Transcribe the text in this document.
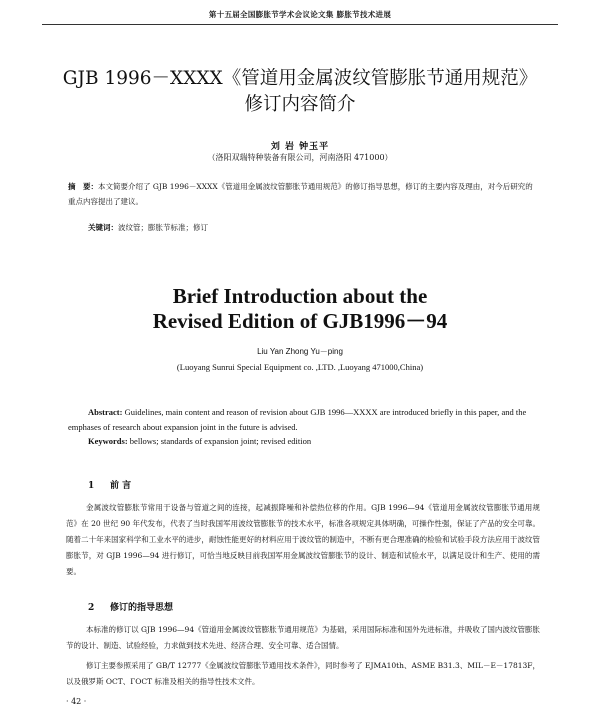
第十五届全国膨胀节学术会议论文集 膨胀节技术进展
GJB 1996－XXXX《管道用金属波纹管膨胀节通用规范》
修订内容简介
刘 岩 钟玉平
（洛阳双瑞特种装备有限公司，河南洛阳 471000）
摘　要：本文简要介绍了 GJB 1996－XXXX《管道用金属波纹管膨胀节通用规范》的修订指导思想，修订的主要内容及理由，对今后研究的重点内容提出了建议。
关键词：波纹管；膨胀节标准；修订
Brief Introduction about the
Revised Edition of GJB1996－94
Liu Yan Zhong Yu－ping
(Luoyang Sunrui Special Equipment co. ,LTD. ,Luoyang 471000,China)
Abstract: Guidelines, main content and reason of revision about GJB 1996—XXXX are introduced briefly in this paper, and the emphases of research about expansion joint in the future is advised.
Keywords: bellows; standards of expansion joint; revised edition
1 前 言
金属波纹管膨胀节常用于设备与管道之间的连接，起减振降噪和补偿热位移的作用。GJB 1996—94《管道用金属波纹管膨胀节通用规范》在 20 世纪 90 年代发布，代表了当时我国军用波纹管膨胀节的技术水平，标准各项规定具体明确，可操作性强，保证了产品的安全可靠。随着二十年来国家科学和工业水平的进步，耐蚀性能更好的材料应用于波纹管的制造中，不断有更合理准确的检验和试验手段方法应用于波纹管膨胀节，对 GJB 1996—94 进行修订，可恰当地反映目前我国军用金属波纹管膨胀节的设计、制造和试验水平，以满足设计和生产、使用的需要。
2 修订的指导思想
本标准的修订以 GJB 1996—94《管道用金属波纹管膨胀节通用规范》为基础，采用国际标准和国外先进标准，并吸收了国内波纹管膨胀节的设计、制造、试验经验，力求做到技术先进、经济合理、安全可靠、适合国情。
修订主要参照采用了 GB/T 12777《金属波纹管膨胀节通用技术条件》，同时参考了 EJMA10th、ASME B31.3、MIL－E－17813F，以及俄罗斯 ОСТ、ГОСТ 标准及相关的指导性技术文件。
· 42 ·
